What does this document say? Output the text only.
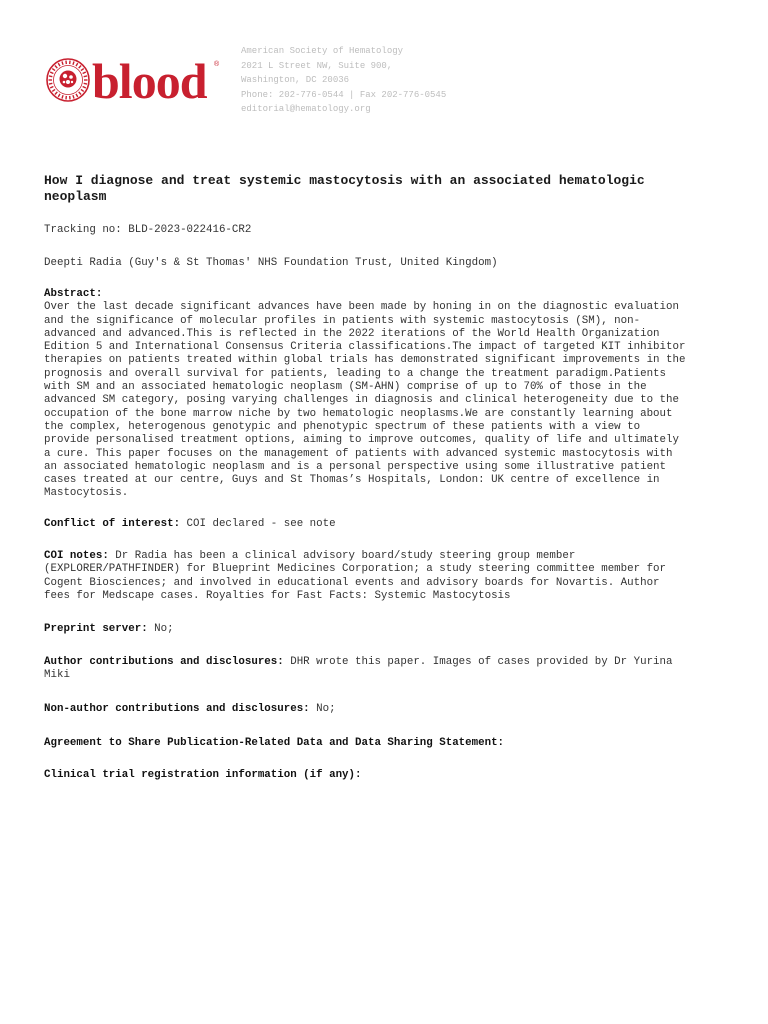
blood ®
American Society of Hematology
2021 L Street NW, Suite 900,
Washington, DC 20036
Phone: 202-776-0544 | Fax 202-776-0545
editorial@hematology.org
How I diagnose and treat systemic mastocytosis with an associated hematologic
neoplasm
Tracking no: BLD-2023-022416-CR2
Deepti Radia (Guy's & St Thomas' NHS Foundation Trust, United Kingdom)
Abstract:
Over the last decade significant advances have been made by honing in on the diagnostic evaluation
and the significance of molecular profiles in patients with systemic mastocytosis (SM), non-
advanced and advanced.This is reflected in the 2022 iterations of the World Health Organization
Edition 5 and International Consensus Criteria classifications.The impact of targeted KIT inhibitor
therapies on patients treated within global trials has demonstrated significant improvements in the
prognosis and overall survival for patients, leading to a change the treatment paradigm.Patients
with SM and an associated hematologic neoplasm (SM-AHN) comprise of up to 70% of those in the
advanced SM category, posing varying challenges in diagnosis and clinical heterogeneity due to the
occupation of the bone marrow niche by two hematologic neoplasms.We are constantly learning about
the complex, heterogenous genotypic and phenotypic spectrum of these patients with a view to
provide personalised treatment options, aiming to improve outcomes, quality of life and ultimately
a cure. This paper focuses on the management of patients with advanced systemic mastocytosis with
an associated hematologic neoplasm and is a personal perspective using some illustrative patient
cases treated at our centre, Guys and St Thomas’s Hospitals, London: UK centre of excellence in
Mastocytosis.
Conflict of interest: COI declared - see note
COI notes: Dr Radia has been a clinical advisory board/study steering group member
(EXPLORER/PATHFINDER) for Blueprint Medicines Corporation; a study steering committee member for
Cogent Biosciences; and involved in educational events and advisory boards for Novartis. Author
fees for Medscape cases. Royalties for Fast Facts: Systemic Mastocytosis
Preprint server: No;
Author contributions and disclosures: DHR wrote this paper. Images of cases provided by Dr Yurina
Miki
Non-author contributions and disclosures: No;
Agreement to Share Publication-Related Data and Data Sharing Statement:
Clinical trial registration information (if any):
